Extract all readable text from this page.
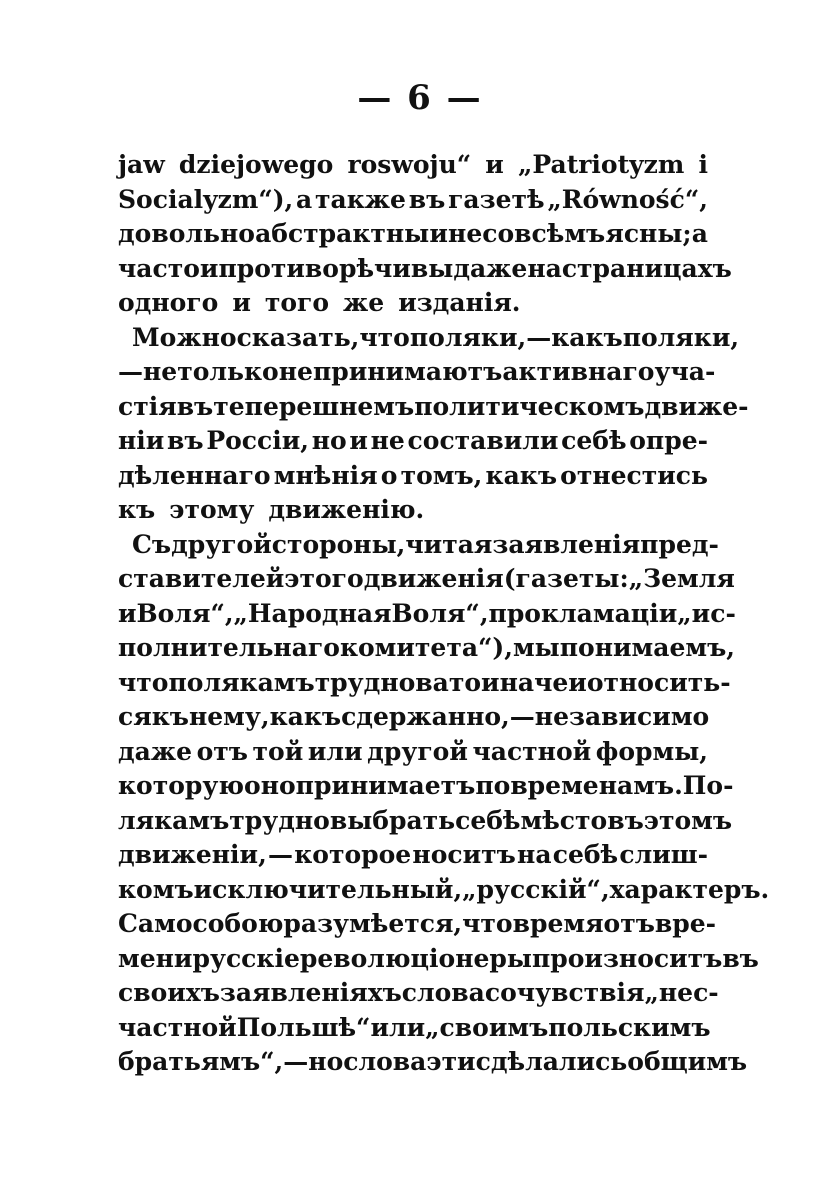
— 6 —
jaw dziejowego roswoju“ и „Patriotyzm i
Socialyzm“), а также въ газетѣ „Równość“,
довольно абстрактны и несовсѣмъ ясны; а
часто и противорѣчивы даже на страницахъ
одного и того же изданія.
Можно сказать, что поляки,—какъ поляки,
—не только не принимаютъ активнаго уча-
стія въ теперешнемъ политическомъ движе-
ніи въ Россіи, но и не составили себѣ опре-
дѣленнаго мнѣнія о томъ, какъ отнестись
къ этому движенію.
Съ другой стороны, читая заявленія пред-
ставителей этого движенія (газеты: „Земля
и Воля“, „Народная Воля“, прокламаціи „ис-
полнительнаго комитета“), мы понимаемъ,
что полякамъ трудновато иначе и относить-
ся къ нему, какъ сдержанно, — не зависимо
даже отъ той или другой частной формы,
которую оно принимаетъ по временамъ. По-
лякамъ трудно выбрать себѣ мѣсто въ этомъ
движеніи, — которое носитъ на себѣ слиш-
комъ исключительный, „русскій“, характеръ.
Само собою разумѣется, что время отъ вре-
мени русскіе революціонеры произноситъ въ
своихъ заявленіяхъ слова сочувствія „нес-
частной Польшѣ“ или „своимъ польскимъ
братьямъ“, — но слова эти сдѣлались общимъ
